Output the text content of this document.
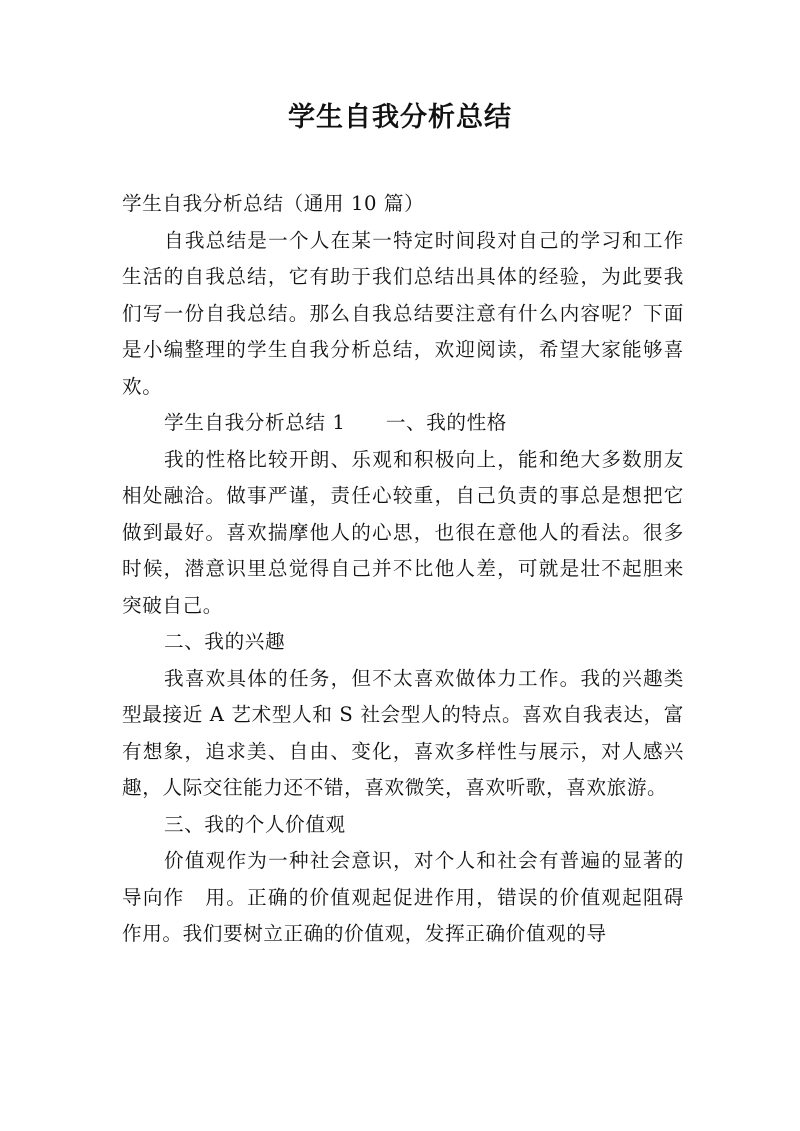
学生自我分析总结
学生自我分析总结（通用 10 篇）

自我总结是一个人在某一特定时间段对自己的学习和工作生活的自我总结，它有助于我们总结出具体的经验，为此要我们写一份自我总结。那么自我总结要注意有什么内容呢？下面是小编整理的学生自我分析总结，欢迎阅读，希望大家能够喜欢。

学生自我分析总结 1　　一、我的性格

我的性格比较开朗、乐观和积极向上，能和绝大多数朋友相处融洽。做事严谨，责任心较重，自己负责的事总是想把它做到最好。喜欢揣摩他人的心思，也很在意他人的看法。很多时候，潜意识里总觉得自己并不比他人差，可就是壮不起胆来突破自己。

二、我的兴趣

我喜欢具体的任务，但不太喜欢做体力工作。我的兴趣类型最接近 A 艺术型人和 S 社会型人的特点。喜欢自我表达，富有想象，追求美、自由、变化，喜欢多样性与展示，对人感兴趣，人际交往能力还不错，喜欢微笑，喜欢听歌，喜欢旅游。

三、我的个人价值观

价值观作为一种社会意识，对个人和社会有普遍的显著的导向作　用。正确的价值观起促进作用，错误的价值观起阻碍作用。我们要树立正确的价值观，发挥正确价值观的导
